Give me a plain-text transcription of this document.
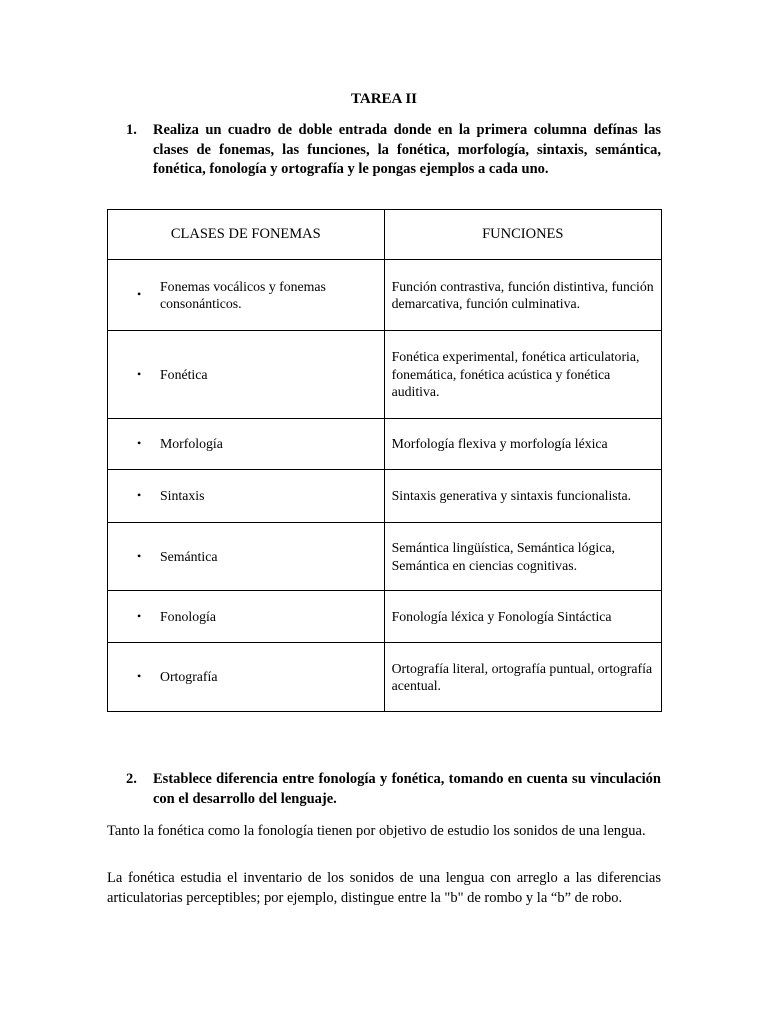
TAREA II
1. Realiza un cuadro de doble entrada donde en la primera columna defínas las clases de fonemas, las funciones, la fonética, morfología, sintaxis, semántica, fonética, fonología y ortografía y le pongas ejemplos a cada uno.
CLASES DE FONEMAS	FUNCIONES

•
Fonemas vocálicos y fonemas consonánticos.	Función contrastiva, función distintiva, función demarcativa, función culminativa.

• Fonética	Fonética experimental, fonética articulatoria, fonemática, fonética acústica y fonética auditiva.

• Morfología	Morfología flexiva y morfología léxica

• Sintaxis	Sintaxis generativa y sintaxis funcionalista.

• Semántica	Semántica lingüística, Semántica lógica, Semántica en ciencias cognitivas.

• Fonología	Fonología léxica y Fonología Sintáctica

• Ortografía	Ortografía literal, ortografía puntual, ortografía acentual.
2. Establece diferencia entre fonología y fonética, tomando en cuenta su vinculación con el desarrollo del lenguaje.
Tanto la fonética como la fonología tienen por objetivo de estudio los sonidos de una lengua.
La fonética estudia el inventario de los sonidos de una lengua con arreglo a las diferencias articulatorias perceptibles; por ejemplo, distingue entre la "b" de rombo y la “b” de robo.
